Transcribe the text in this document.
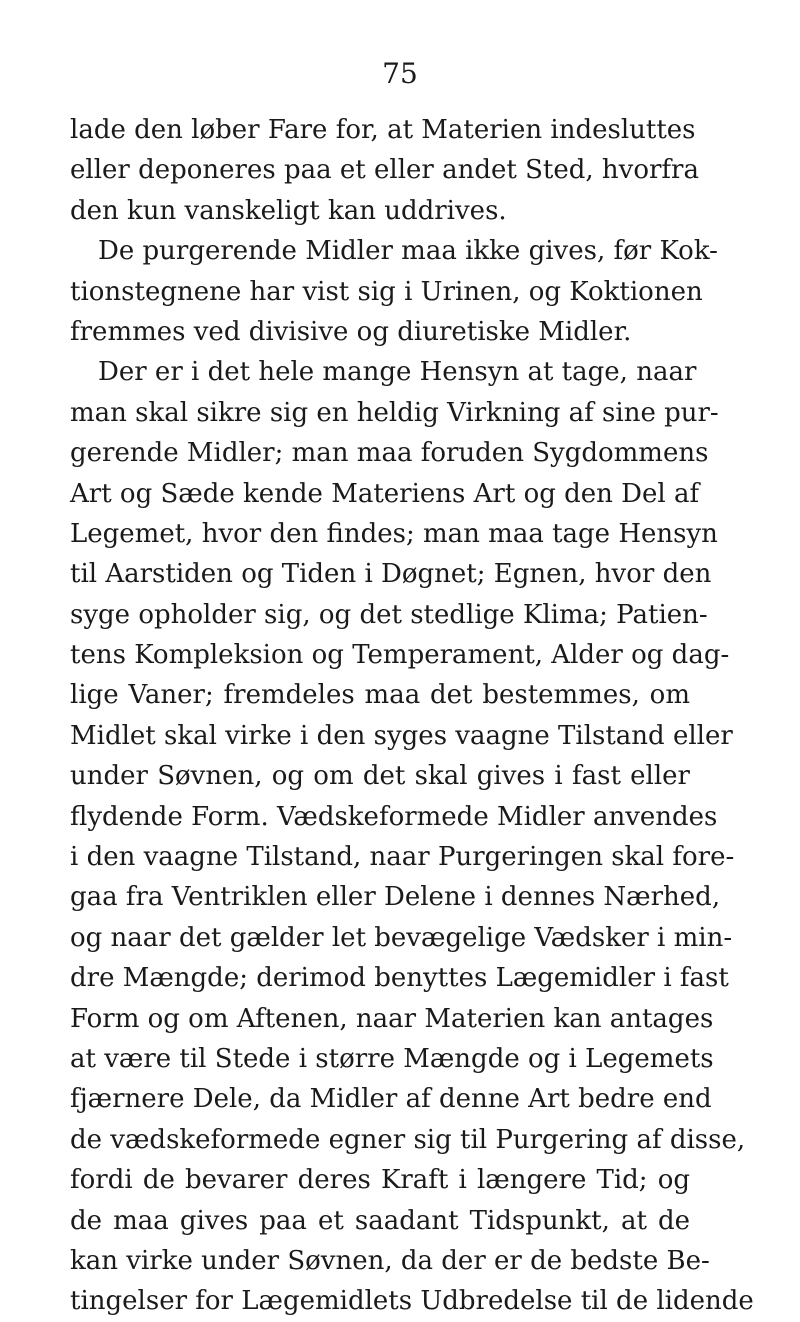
75
lade den løber Fare for, at Materien indesluttes
eller deponeres paa et eller andet Sted, hvorfra
den kun vanskeligt kan uddrives.
De purgerende Midler maa ikke gives, før Kok-
tionstegnene har vist sig i Urinen, og Koktionen
fremmes ved divisive og diuretiske Midler.
Der er i det hele mange Hensyn at tage, naar
man skal sikre sig en heldig Virkning af sine pur-
gerende Midler; man maa foruden Sygdommens
Art og Sæde kende Materiens Art og den Del af
Legemet, hvor den findes; man maa tage Hensyn
til Aarstiden og Tiden i Døgnet; Egnen, hvor den
syge opholder sig, og det stedlige Klima; Patien-
tens Kompleksion og Temperament, Alder og dag-
lige Vaner; fremdeles maa det bestemmes, om
Midlet skal virke i den syges vaagne Tilstand eller
under Søvnen, og om det skal gives i fast eller
flydende Form. Vædskeformede Midler anvendes
i den vaagne Tilstand, naar Purgeringen skal fore-
gaa fra Ventriklen eller Delene i dennes Nærhed,
og naar det gælder let bevægelige Vædsker i min-
dre Mængde; derimod benyttes Lægemidler i fast
Form og om Aftenen, naar Materien kan antages
at være til Stede i større Mængde og i Legemets
fjærnere Dele, da Midler af denne Art bedre end
de vædskeformede egner sig til Purgering af disse,
fordi de bevarer deres Kraft i længere Tid; og
de maa gives paa et saadant Tidspunkt, at de
kan virke under Søvnen, da der er de bedste Be-
tingelser for Lægemidlets Udbredelse til de lidende
